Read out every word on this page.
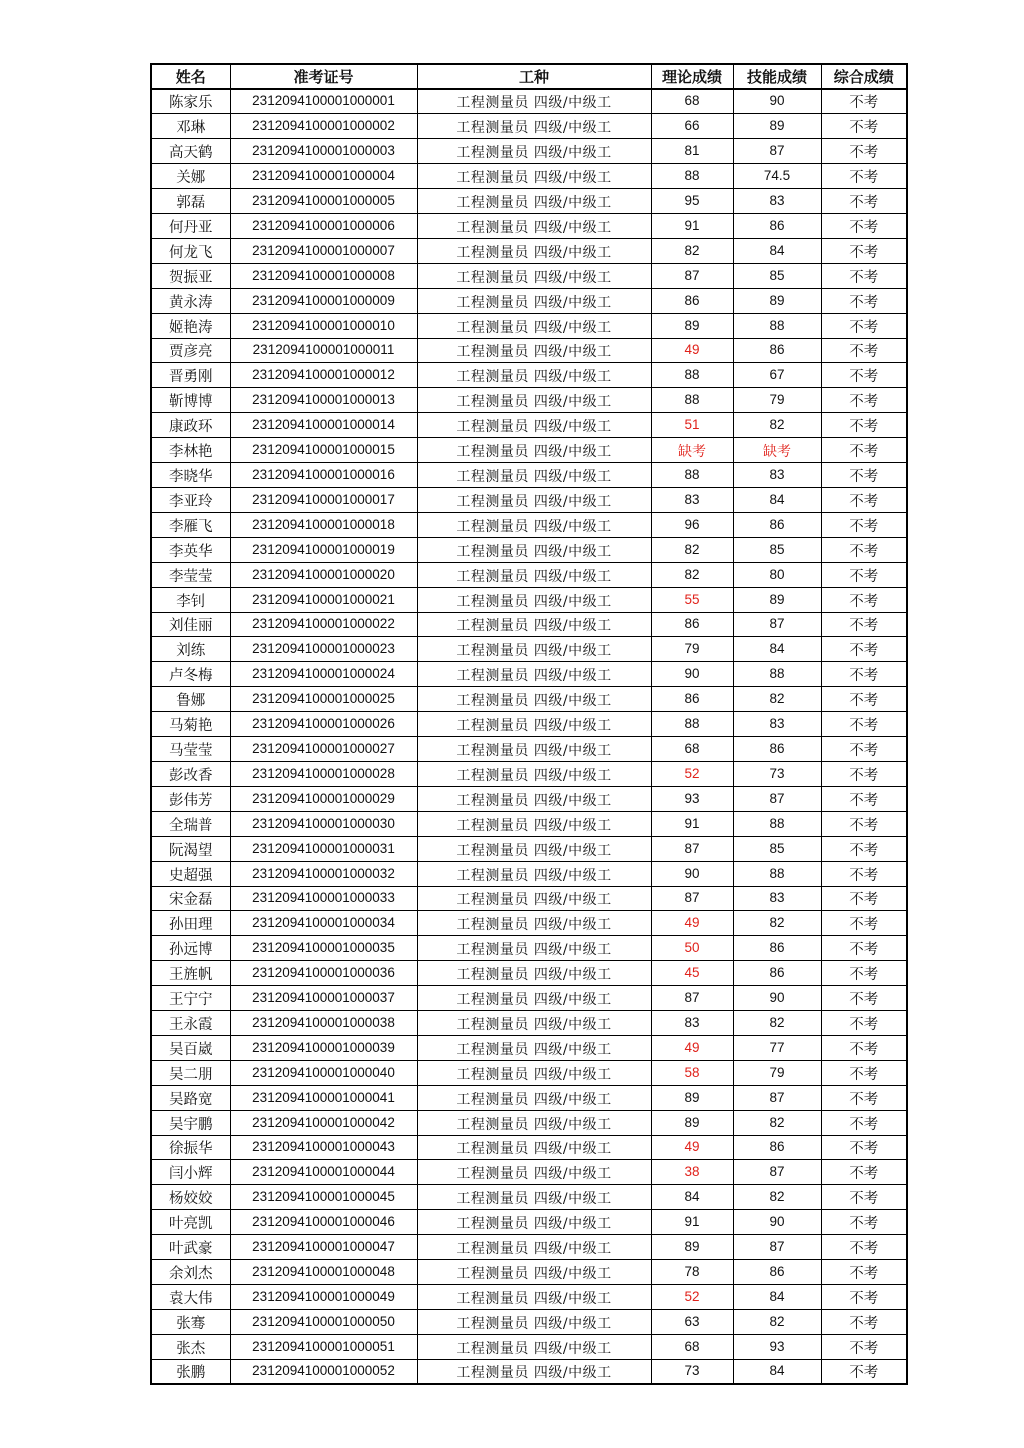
姓名	准考证号	工种	理论成绩	技能成绩	综合成绩
陈家乐	2312094100001000001	工程测量员 四级/中级工	68	90	不考
邓琳	2312094100001000002	工程测量员 四级/中级工	66	89	不考
高天鹤	2312094100001000003	工程测量员 四级/中级工	81	87	不考
关娜	2312094100001000004	工程测量员 四级/中级工	88	74.5	不考
郭磊	2312094100001000005	工程测量员 四级/中级工	95	83	不考
何丹亚	2312094100001000006	工程测量员 四级/中级工	91	86	不考
何龙飞	2312094100001000007	工程测量员 四级/中级工	82	84	不考
贺振亚	2312094100001000008	工程测量员 四级/中级工	87	85	不考
黄永涛	2312094100001000009	工程测量员 四级/中级工	86	89	不考
姬艳涛	2312094100001000010	工程测量员 四级/中级工	89	88	不考
贾彦亮	2312094100001000011	工程测量员 四级/中级工	49	86	不考
晋勇刚	2312094100001000012	工程测量员 四级/中级工	88	67	不考
靳博博	2312094100001000013	工程测量员 四级/中级工	88	79	不考
康政环	2312094100001000014	工程测量员 四级/中级工	51	82	不考
李林艳	2312094100001000015	工程测量员 四级/中级工	缺考	缺考	不考
李晓华	2312094100001000016	工程测量员 四级/中级工	88	83	不考
李亚玲	2312094100001000017	工程测量员 四级/中级工	83	84	不考
李雁飞	2312094100001000018	工程测量员 四级/中级工	96	86	不考
李英华	2312094100001000019	工程测量员 四级/中级工	82	85	不考
李莹莹	2312094100001000020	工程测量员 四级/中级工	82	80	不考
李钊	2312094100001000021	工程测量员 四级/中级工	55	89	不考
刘佳丽	2312094100001000022	工程测量员 四级/中级工	86	87	不考
刘练	2312094100001000023	工程测量员 四级/中级工	79	84	不考
卢冬梅	2312094100001000024	工程测量员 四级/中级工	90	88	不考
鲁娜	2312094100001000025	工程测量员 四级/中级工	86	82	不考
马菊艳	2312094100001000026	工程测量员 四级/中级工	88	83	不考
马莹莹	2312094100001000027	工程测量员 四级/中级工	68	86	不考
彭改香	2312094100001000028	工程测量员 四级/中级工	52	73	不考
彭伟芳	2312094100001000029	工程测量员 四级/中级工	93	87	不考
全瑞普	2312094100001000030	工程测量员 四级/中级工	91	88	不考
阮渴望	2312094100001000031	工程测量员 四级/中级工	87	85	不考
史超强	2312094100001000032	工程测量员 四级/中级工	90	88	不考
宋金磊	2312094100001000033	工程测量员 四级/中级工	87	83	不考
孙田理	2312094100001000034	工程测量员 四级/中级工	49	82	不考
孙远博	2312094100001000035	工程测量员 四级/中级工	50	86	不考
王旌帆	2312094100001000036	工程测量员 四级/中级工	45	86	不考
王宁宁	2312094100001000037	工程测量员 四级/中级工	87	90	不考
王永霞	2312094100001000038	工程测量员 四级/中级工	83	82	不考
吴百崴	2312094100001000039	工程测量员 四级/中级工	49	77	不考
吴二朋	2312094100001000040	工程测量员 四级/中级工	58	79	不考
吴路宽	2312094100001000041	工程测量员 四级/中级工	89	87	不考
吴宇鹏	2312094100001000042	工程测量员 四级/中级工	89	82	不考
徐振华	2312094100001000043	工程测量员 四级/中级工	49	86	不考
闫小辉	2312094100001000044	工程测量员 四级/中级工	38	87	不考
杨姣姣	2312094100001000045	工程测量员 四级/中级工	84	82	不考
叶亮凯	2312094100001000046	工程测量员 四级/中级工	91	90	不考
叶武豪	2312094100001000047	工程测量员 四级/中级工	89	87	不考
余刘杰	2312094100001000048	工程测量员 四级/中级工	78	86	不考
袁大伟	2312094100001000049	工程测量员 四级/中级工	52	84	不考
张骞	2312094100001000050	工程测量员 四级/中级工	63	82	不考
张杰	2312094100001000051	工程测量员 四级/中级工	68	93	不考
张鹏	2312094100001000052	工程测量员 四级/中级工	73	84	不考
